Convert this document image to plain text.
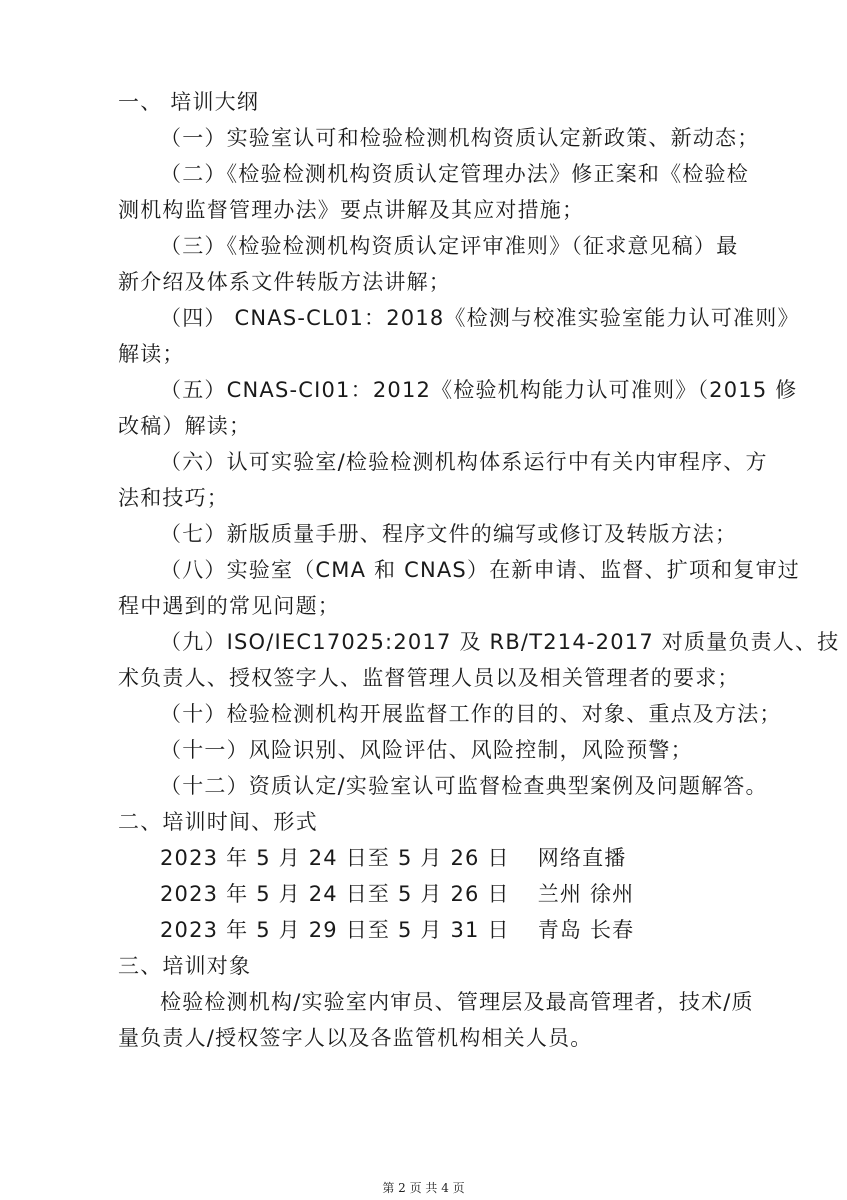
一、 培训大纲
（一）实验室认可和检验检测机构资质认定新政策、新动态；
（二）《检验检测机构资质认定管理办法》修正案和《检验检
测机构监督管理办法》要点讲解及其应对措施；
（三）《检验检测机构资质认定评审准则》（征求意见稿）最
新介绍及体系文件转版方法讲解；
（四） CNAS-CL01：2018《检测与校准实验室能力认可准则》
解读；
（五）CNAS-CI01：2012《检验机构能力认可准则》（2015 修
改稿）解读；
（六）认可实验室/检验检测机构体系运行中有关内审程序、方
法和技巧；
（七）新版质量手册、程序文件的编写或修订及转版方法；
（八）实验室（CMA 和 CNAS）在新申请、监督、扩项和复审过
程中遇到的常见问题；
（九）ISO/IEC17025:2017 及 RB/T214-2017 对质量负责人、技
术负责人、授权签字人、监督管理人员以及相关管理者的要求；
（十）检验检测机构开展监督工作的目的、对象、重点及方法；
（十一）风险识别、风险评估、风险控制，风险预警；
（十二）资质认定/实验室认可监督检查典型案例及问题解答。
二、培训时间、形式
2023 年 5 月 24 日至 5 月 26 日 网络直播
2023 年 5 月 24 日至 5 月 26 日 兰州 徐州
2023 年 5 月 29 日至 5 月 31 日 青岛 长春
三、培训对象
检验检测机构/实验室内审员、管理层及最高管理者，技术/质
量负责人/授权签字人以及各监管机构相关人员。
第 2 页 共 4 页
